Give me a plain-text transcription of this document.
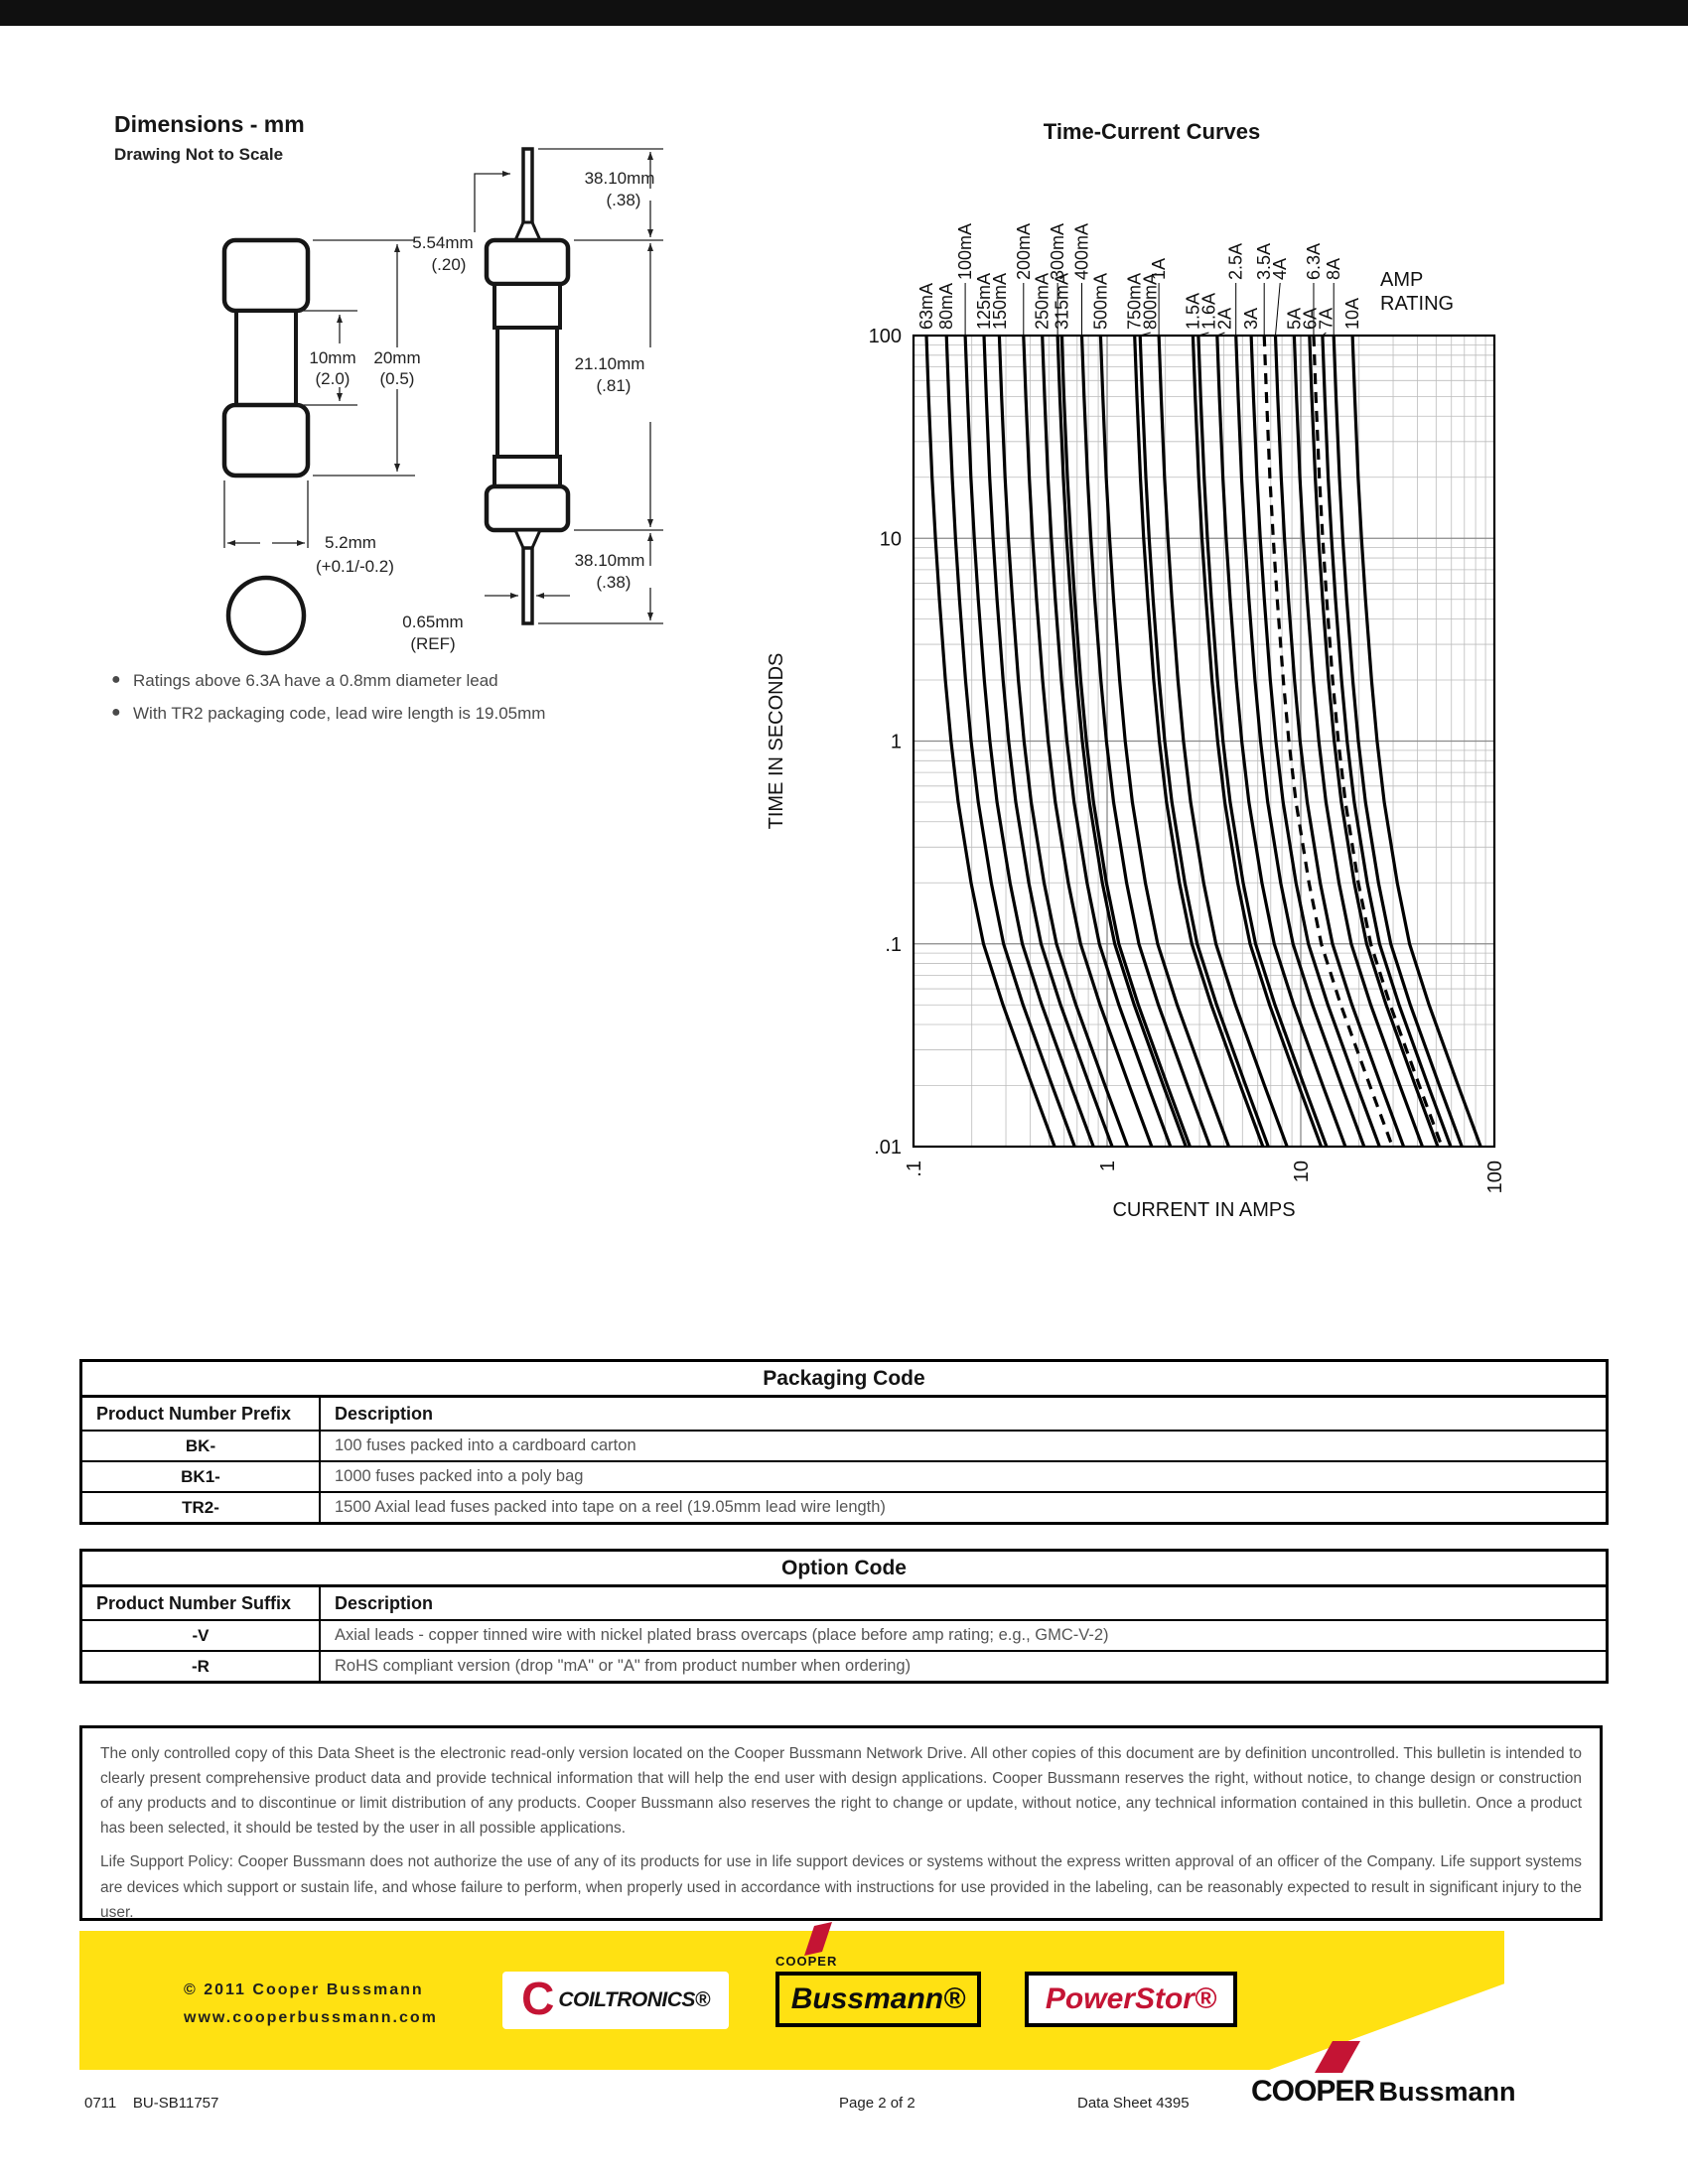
Dimensions - mm
Drawing Not to Scale
38.10mm
(.38)
5.54mm
(.20)
21.10mm
(.81)
10mm
(2.0)
20mm
(0.5)
5.2mm
(+0.1/-0.2)	38.10mm
(.38)
0.65mm
(REF)
● Ratings above 6.3A have a 0.8mm diameter lead
● With TR2 packaging code, lead wire length is 19.05mm
Time-Current Curves
100
10
1
.1
.01
.1	1	10	100
100mA 200mA 300mA 400mA	1A	2.5A 3.5A
4A 6.3A 8A
63mA 80mA 125mA
150mA 250mA 315mA 500mA 750mA
800mA 1.5A
1.6A
2A 3A 5A
6A
7A 10A
AMP
RATING
TIME IN SECONDS
CURRENT IN AMPS
Packaging Code
Product Number Prefix	Description
BK-	100 fuses packed into a cardboard carton
BK1-	1000 fuses packed into a poly bag
TR2-	1500 Axial lead fuses packed into tape on a reel (19.05mm lead wire length)
Option Code
Product Number Suffix	Description
-V	Axial leads - copper tinned wire with nickel plated brass overcaps (place before amp rating; e.g., GMC-V-2)
-R	RoHS compliant version (drop "mA" or "A" from product number when ordering)

The only controlled copy of this Data Sheet is the electronic read-only version located on the Cooper Bussmann Network Drive. All other copies of this document are by definition uncontrolled. This bulletin is intended to clearly present comprehensive product data and provide technical information that will help the end user with design applications. Cooper Bussmann reserves the right, without notice, to change design or construction of any products and to discontinue or limit distribution of any products. Cooper Bussmann also reserves the right to change or update, without notice, any technical information contained in this bulletin. Once a product has been selected, it should be tested by the user in all possible applications.

Life Support Policy: Cooper Bussmann does not authorize the use of any of its products for use in life support devices or systems without the express written approval of an officer of the Company. Life support systems are devices which support or sustain life, and whose failure to perform, when properly used in accordance with instructions for use provided in the labeling, can be reasonably expected to result in significant injury to the user.

© 2011 Cooper Bussmann
www.cooperbussmann.com C COILTRONICS®
COOPER
Bussmann®	PowerStor®
COOPER Bussmann
0711    BU-SB11757	Page 2 of 2	Data Sheet 4395
